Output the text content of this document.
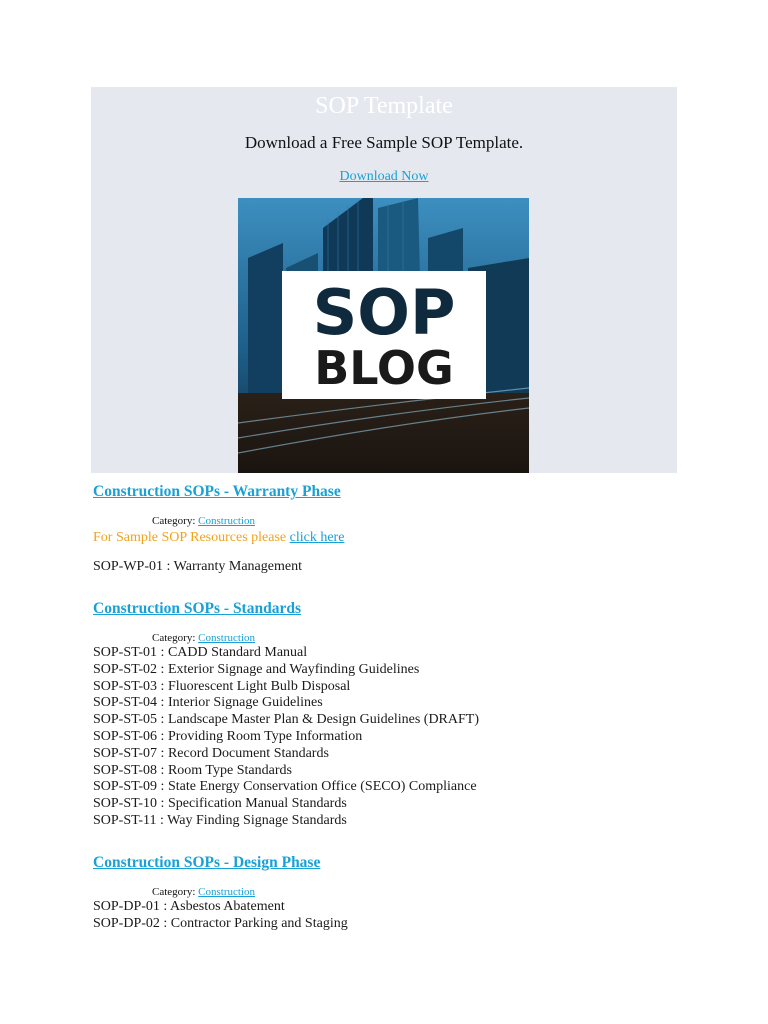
SOP Template
Download a Free Sample SOP Template.
Download Now
SOP
BLOG
Construction SOPs - Warranty Phase
Category: Construction
For Sample SOP Resources please click here
SOP-WP-01 : Warranty Management
Construction SOPs - Standards
Category: Construction
SOP-ST-01 : CADD Standard Manual
SOP-ST-02 : Exterior Signage and Wayfinding Guidelines
SOP-ST-03 : Fluorescent Light Bulb Disposal
SOP-ST-04 : Interior Signage Guidelines
SOP-ST-05 : Landscape Master Plan & Design Guidelines (DRAFT)
SOP-ST-06 : Providing Room Type Information
SOP-ST-07 : Record Document Standards
SOP-ST-08 : Room Type Standards
SOP-ST-09 : State Energy Conservation Office (SECO) Compliance
SOP-ST-10 : Specification Manual Standards
SOP-ST-11 : Way Finding Signage Standards
Construction SOPs - Design Phase
Category: Construction
SOP-DP-01 : Asbestos Abatement
SOP-DP-02 : Contractor Parking and Staging
